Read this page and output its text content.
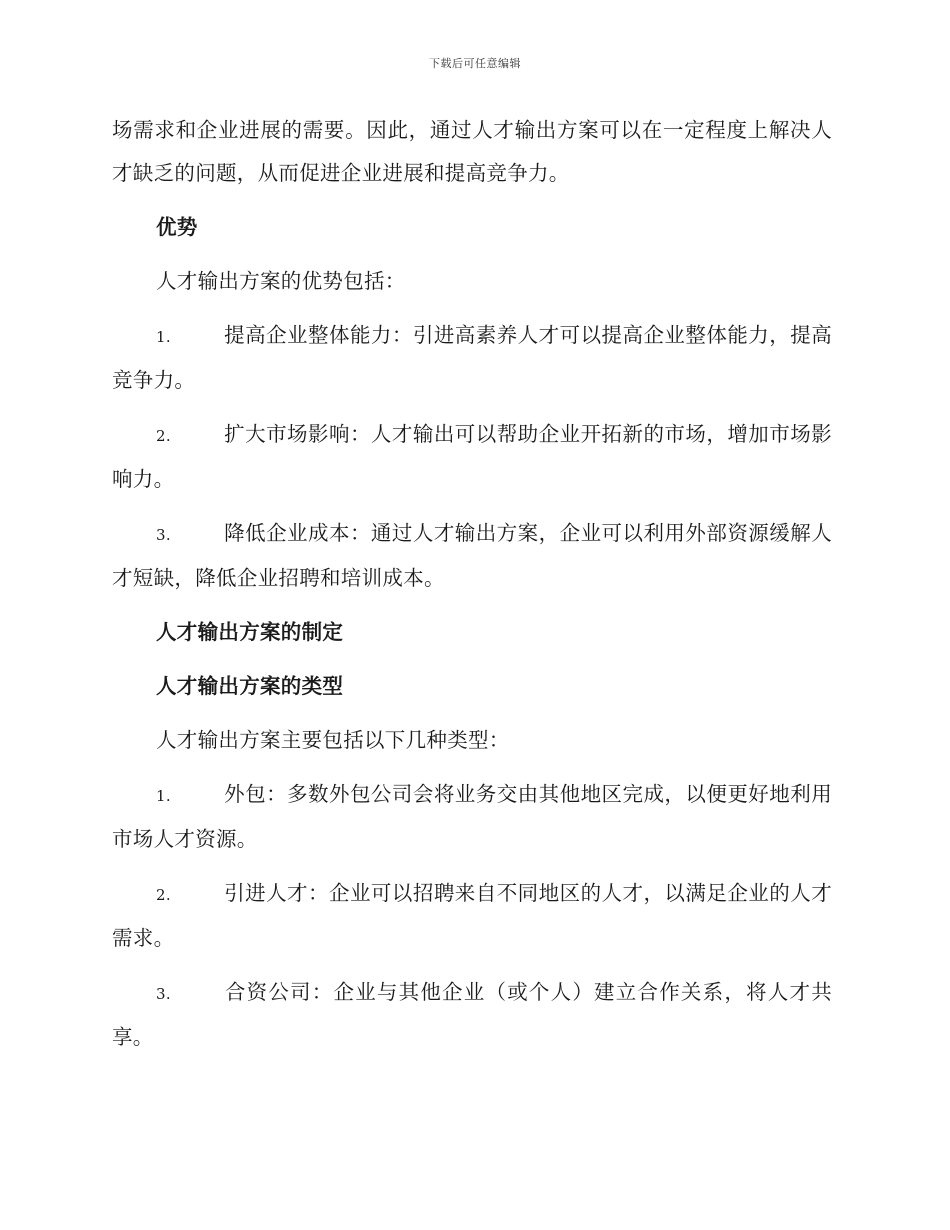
下载后可任意编辑

场需求和企业进展的需要。因此，通过人才输出方案可以在一定程度上解决人才缺乏的问题，从而促进企业进展和提高竞争力。

优势

人才输出方案的优势包括：

1.	提高企业整体能力：引进高素养人才可以提高企业整体能力，提高竞争力。

2.	扩大市场影响：人才输出可以帮助企业开拓新的市场，增加市场影响力。

3.	降低企业成本：通过人才输出方案，企业可以利用外部资源缓解人才短缺，降低企业招聘和培训成本。

人才输出方案的制定

人才输出方案的类型

人才输出方案主要包括以下几种类型：

1.	外包：多数外包公司会将业务交由其他地区完成，以便更好地利用市场人才资源。

2.	引进人才：企业可以招聘来自不同地区的人才，以满足企业的人才需求。

3.	合资公司：企业与其他企业（或个人）建立合作关系，将人才共享。
